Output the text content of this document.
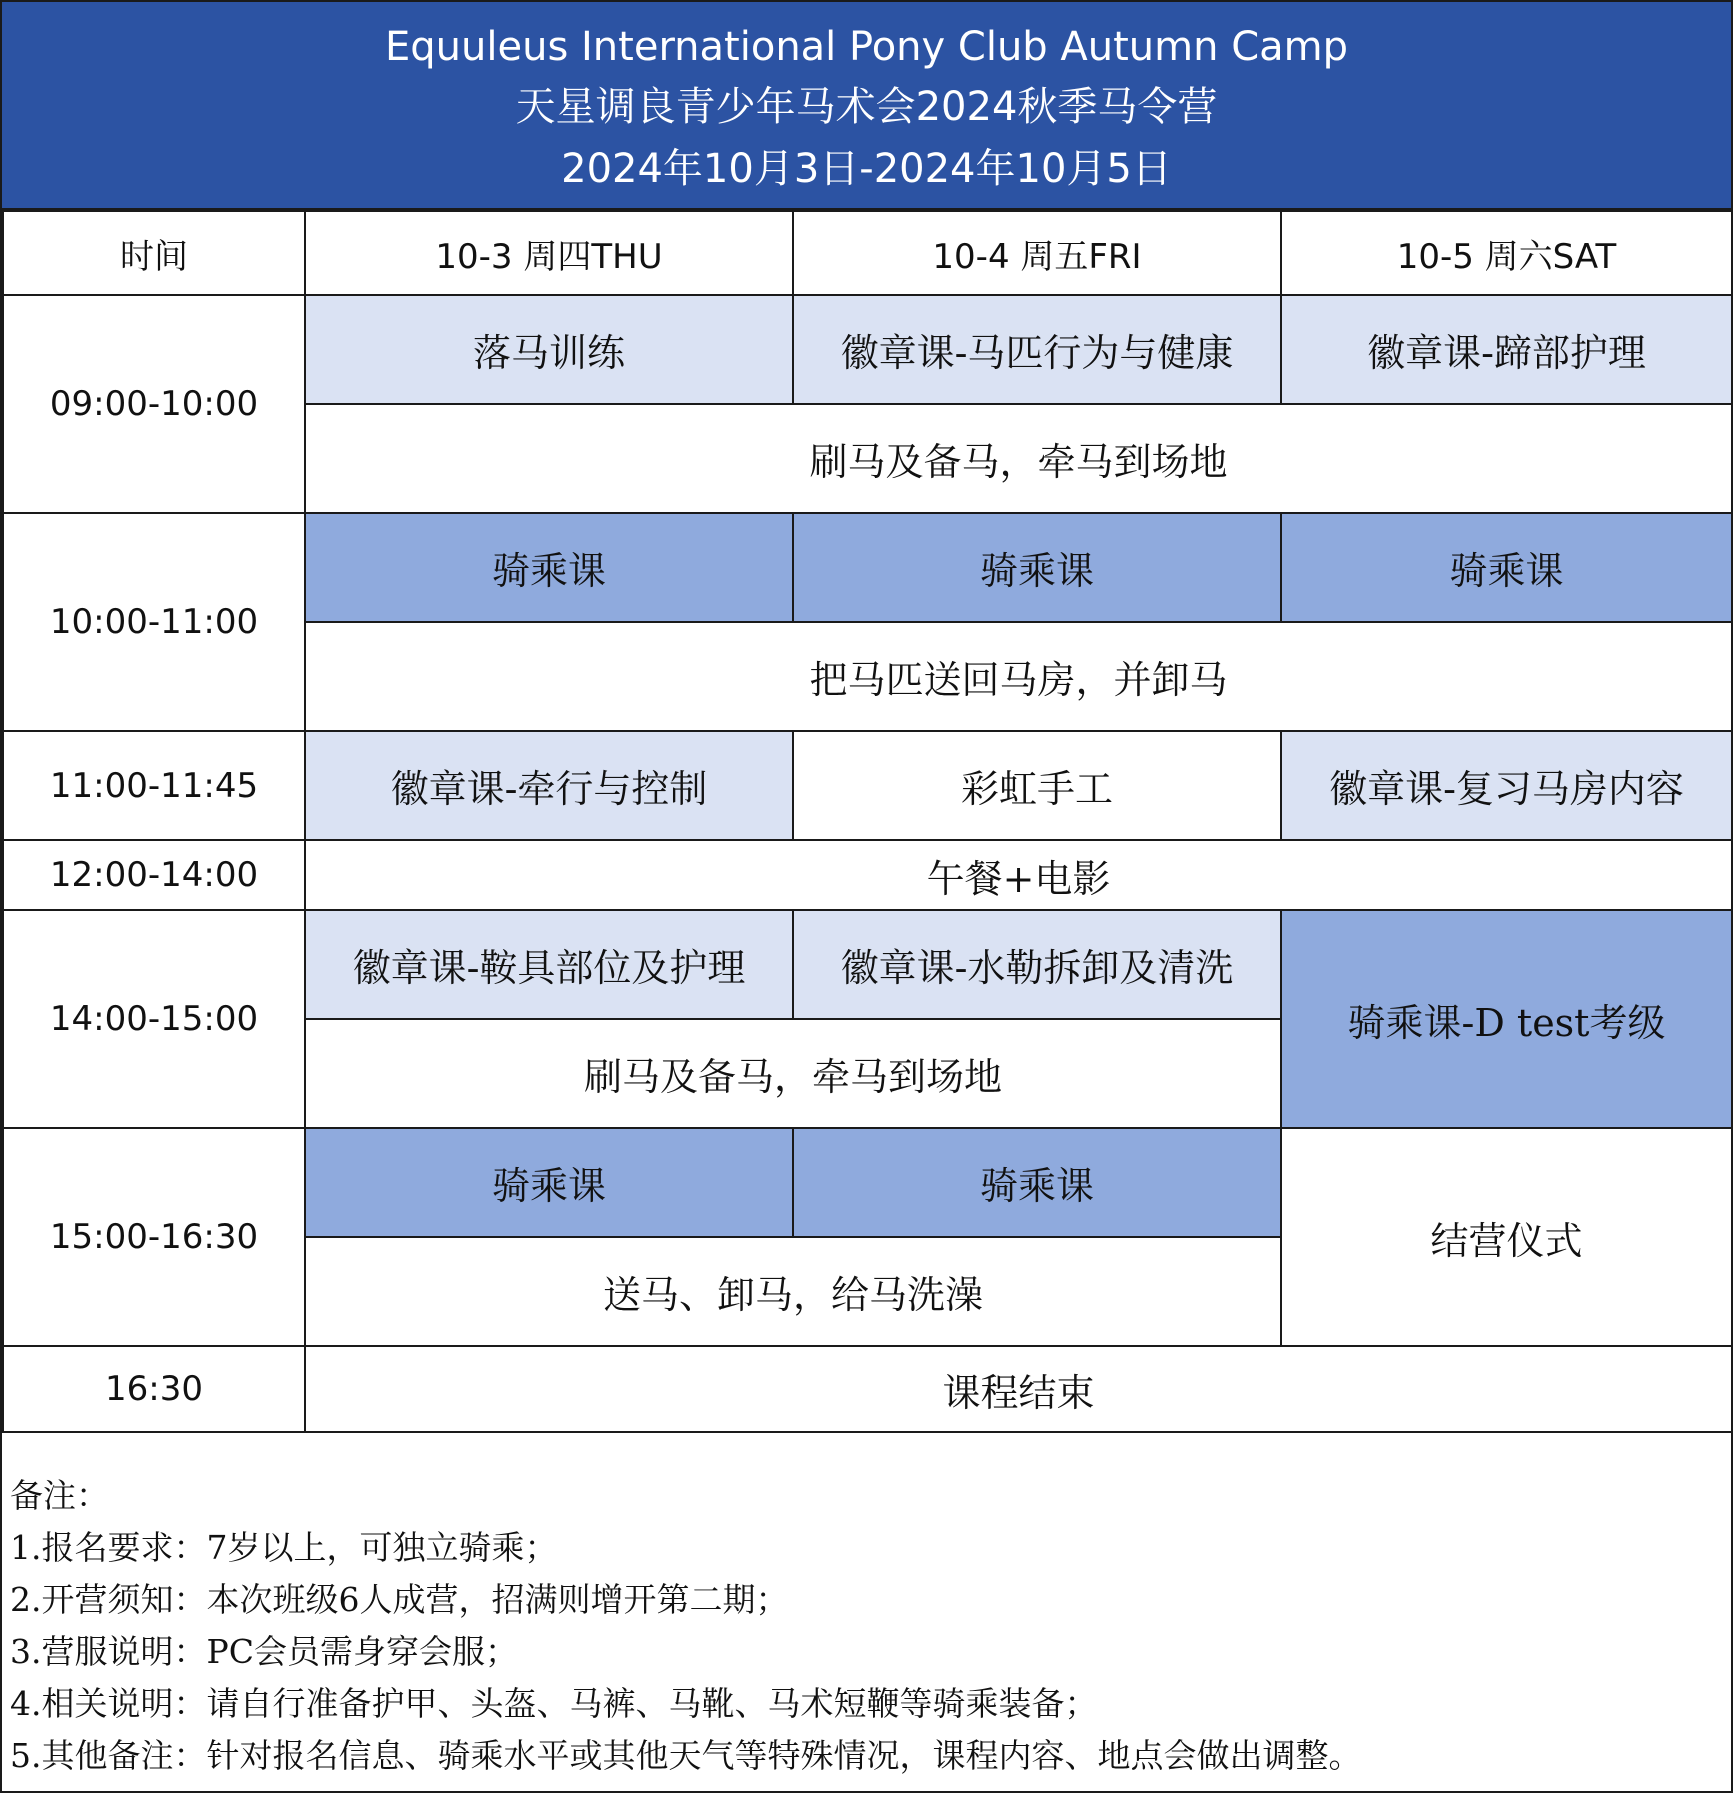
Equuleus International Pony Club Autumn Camp
天星调良青少年马术会2024秋季马令营
2024年10月3日-2024年10月5日
时间	10-3 周四THU	10-4 周五FRI	10-5 周六SAT
09:00-10:00	落马训练	徽章课-马匹行为与健康	徽章课-蹄部护理
	刷马及备马，牵马到场地		
10:00-11:00	骑乘课	骑乘课	骑乘课
	把马匹送回马房，并卸马		
11:00-11:45	徽章课-牵行与控制	彩虹手工	徽章课-复习马房内容
12:00-14:00	午餐+电影		
14:00-15:00	徽章课-鞍具部位及护理	徽章课-水勒拆卸及清洗	骑乘课-D test考级
	刷马及备马，牵马到场地		
15:00-16:30	骑乘课	骑乘课	结营仪式
	送马、卸马，给马洗澡		
16:30	课程结束		
备注：
1.报名要求：7岁以上，可独立骑乘；
2.开营须知：本次班级6人成营，招满则增开第二期；
3.营服说明：PC会员需身穿会服；
4.相关说明：请自行准备护甲、头盔、马裤、马靴、马术短鞭等骑乘装备；
5.其他备注：针对报名信息、骑乘水平或其他天气等特殊情况，课程内容、地点会做出调整。
